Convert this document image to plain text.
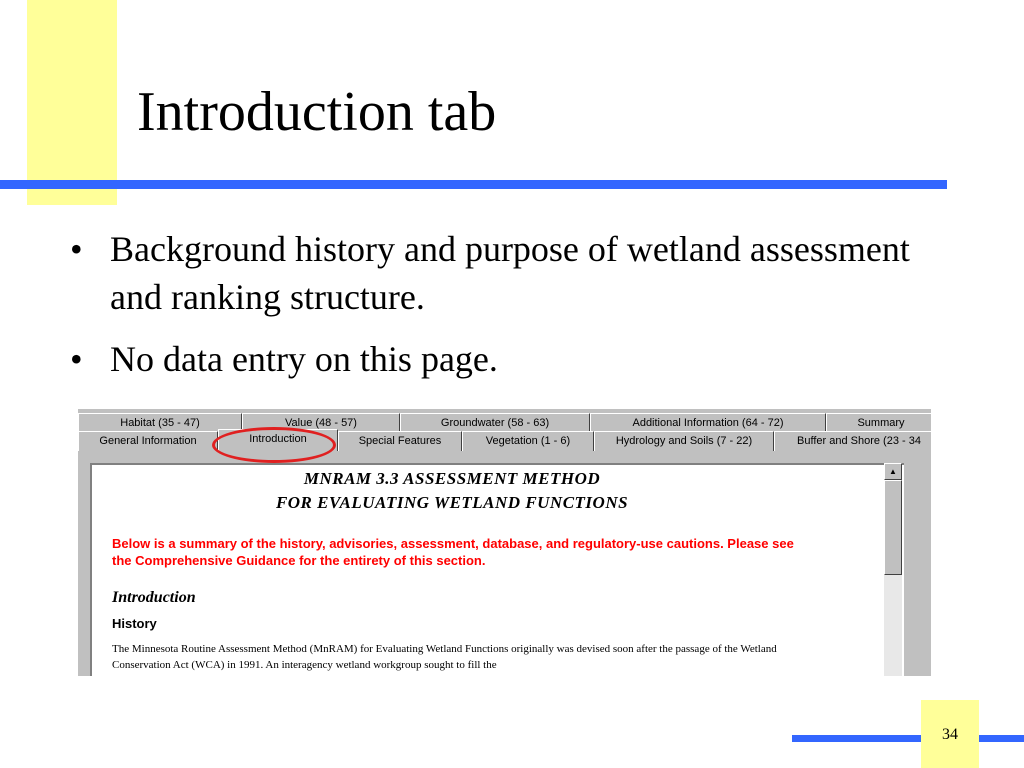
Introduction tab
• Background history and purpose of wetland assessment and ranking structure.
• No data entry on this page.
Habitat (35 - 47)	Value (48 - 57)	Groundwater (58 - 63)	Additional Information (64 - 72)	Summary
General Information	Introduction	Special Features	Vegetation (1 - 6)	Hydrology and Soils (7 - 22)	Buffer and Shore (23 - 34
MNRAM 3.3 ASSESSMENT METHOD
FOR EVALUATING WETLAND FUNCTIONS
Below is a summary of the history, advisories, assessment, database, and regulatory-use cautions. Please see the Comprehensive Guidance for the entirety of this section.
Introduction
History
The Minnesota Routine Assessment Method (MnRAM) for Evaluating Wetland Functions originally was devised soon after the passage of the Wetland Conservation Act (WCA) in 1991. An interagency wetland workgroup sought to fill the
▲
34
